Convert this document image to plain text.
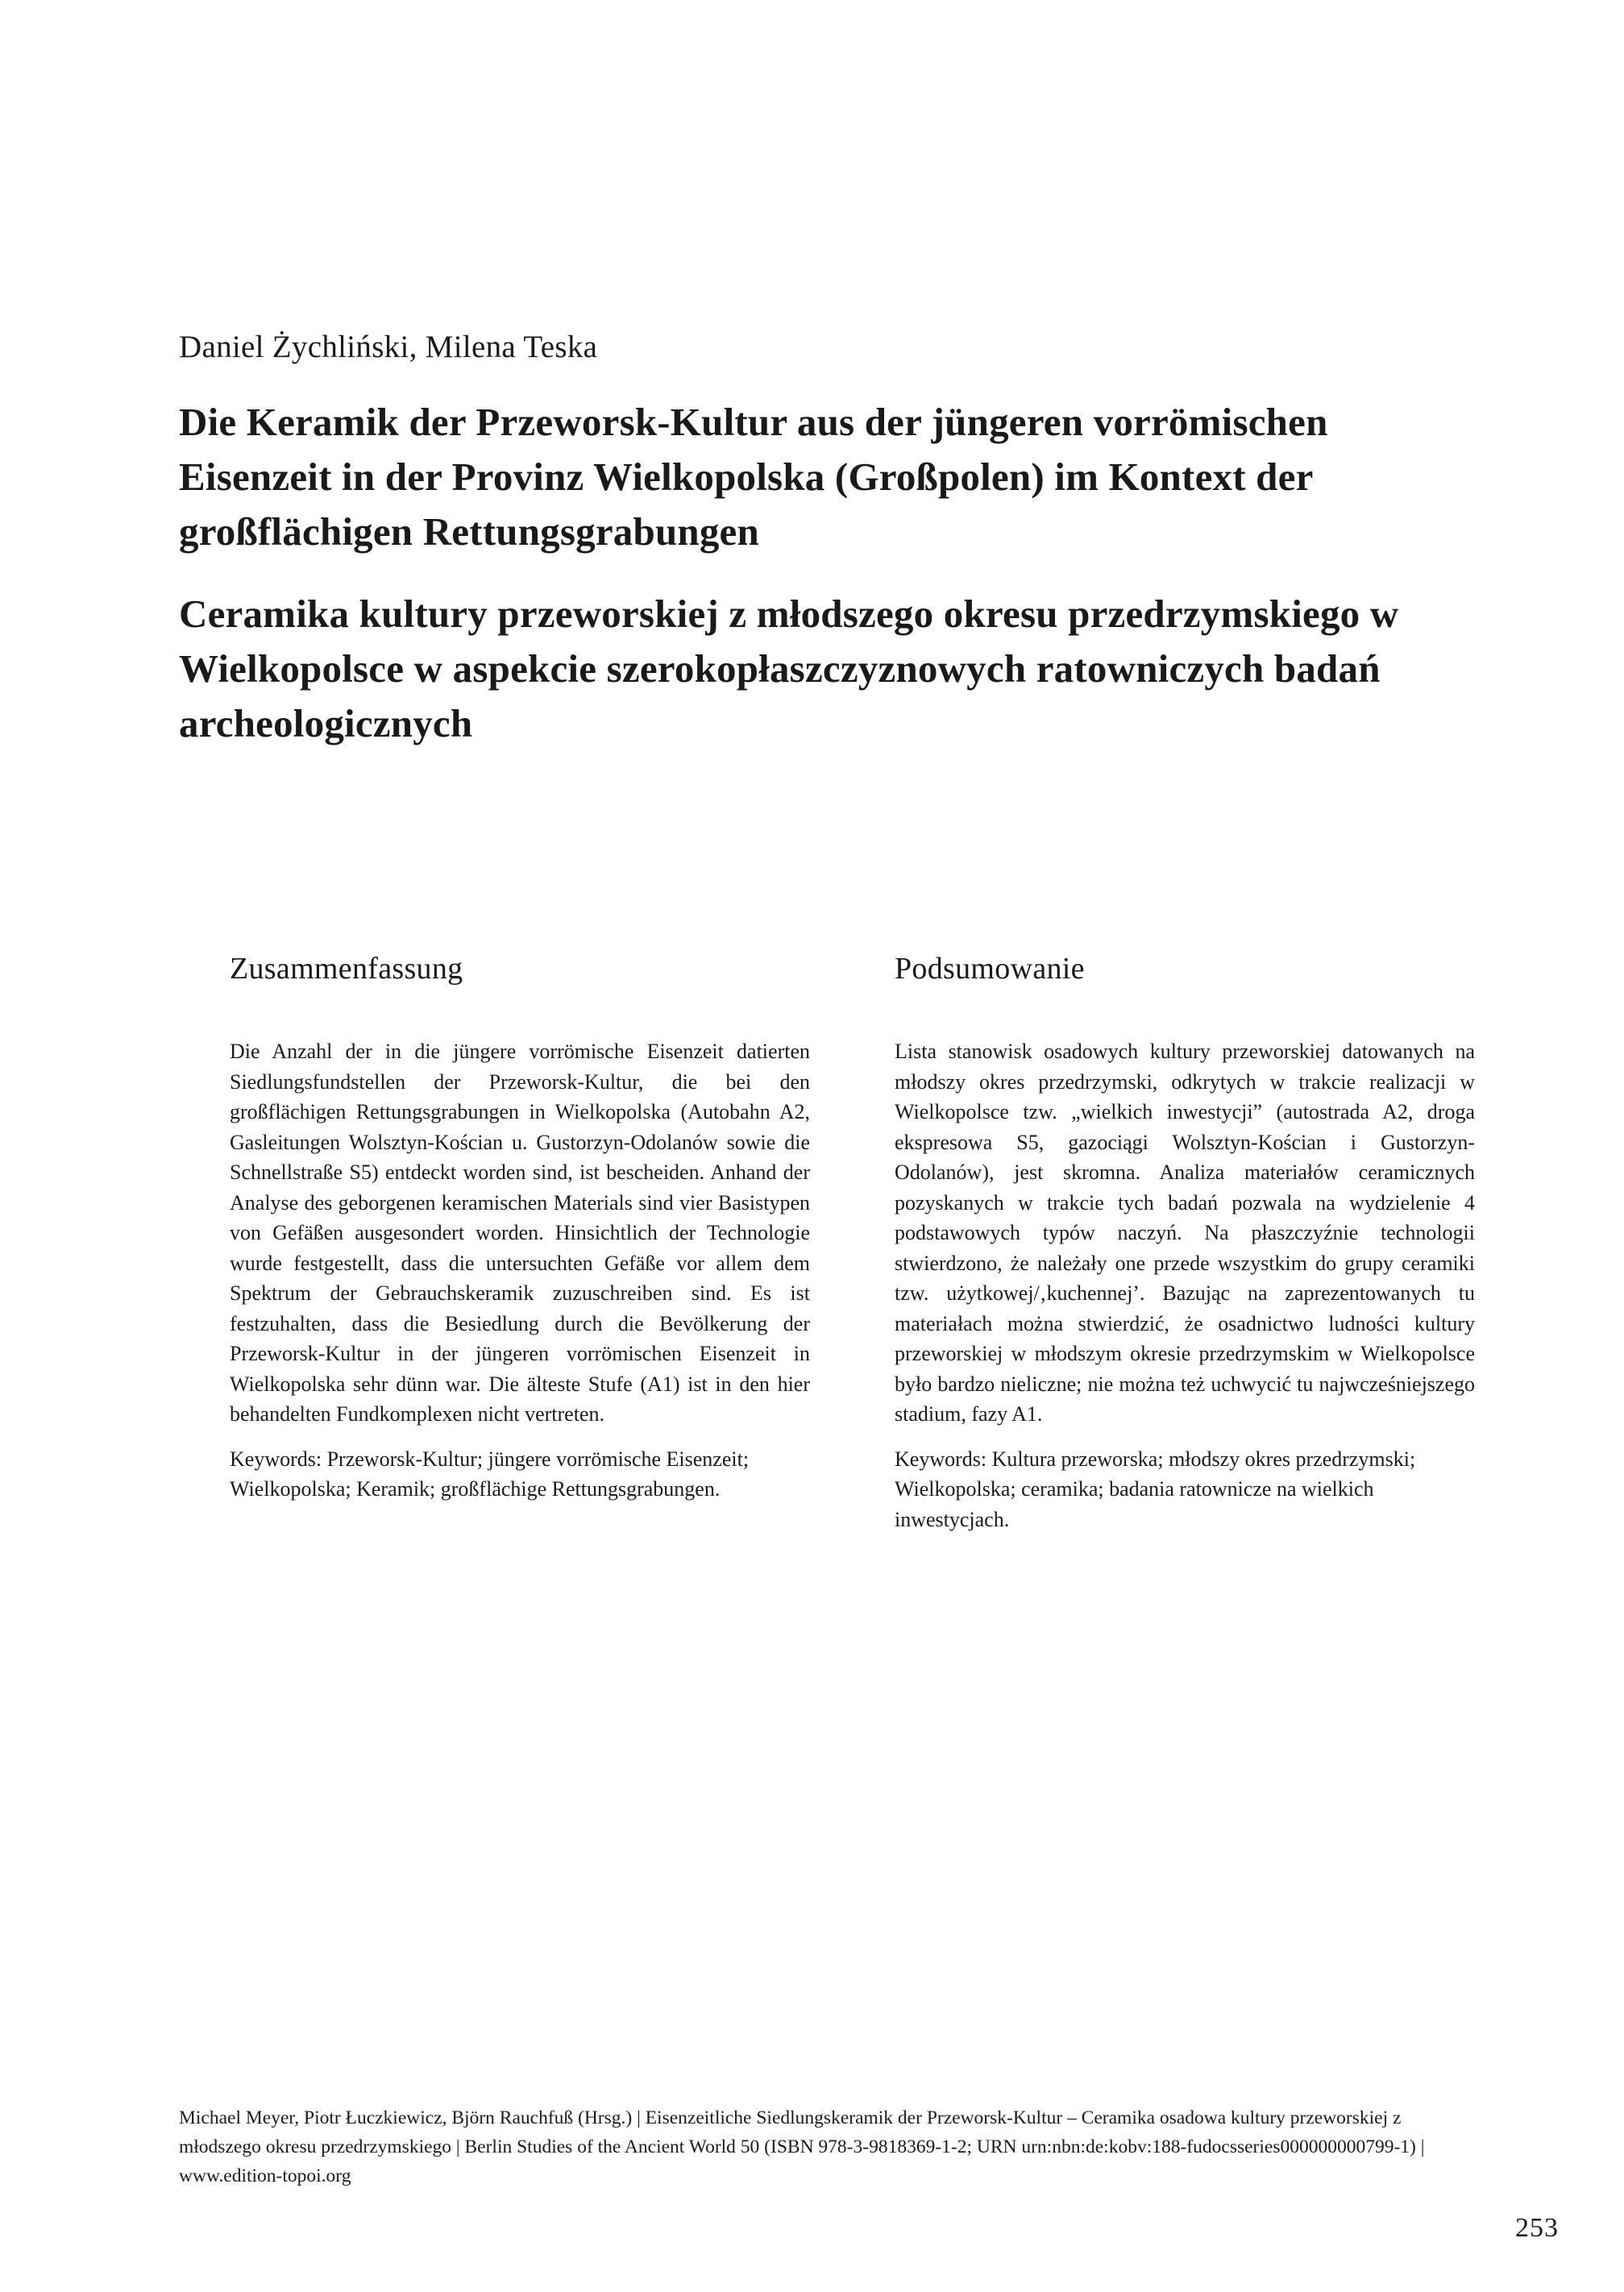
Daniel Żychliński, Milena Teska
Die Keramik der Przeworsk-Kultur aus der jüngeren vorrömischen Eisenzeit in der Provinz Wielkopolska (Großpolen) im Kontext der großflächigen Rettungsgrabungen
Ceramika kultury przeworskiej z młodszego okresu przedrzymskiego w Wielkopolsce w aspekcie szerokopłaszczyznowych ratowniczych badań archeologicznych
Zusammenfassung

Die Anzahl der in die jüngere vorrömische Eisenzeit datierten Siedlungsfundstellen der Przeworsk-Kultur, die bei den großflächigen Rettungsgrabungen in Wielkopolska (Autobahn A2, Gasleitungen Wolsztyn-Kościan u. Gustorzyn-Odolanów sowie die Schnellstraße S5) entdeckt worden sind, ist bescheiden. Anhand der Analyse des geborgenen keramischen Materials sind vier Basistypen von Gefäßen ausgesondert worden. Hinsichtlich der Technologie wurde festgestellt, dass die untersuchten Gefäße vor allem dem Spektrum der Gebrauchskeramik zuzuschreiben sind. Es ist festzuhalten, dass die Besiedlung durch die Bevölkerung der Przeworsk-Kultur in der jüngeren vorrömischen Eisenzeit in Wielkopolska sehr dünn war. Die älteste Stufe (A1) ist in den hier behandelten Fundkomplexen nicht vertreten.

Keywords: Przeworsk-Kultur; jüngere vorrömische Eisenzeit; Wielkopolska; Keramik; großflächige Rettungsgrabungen.

Podsumowanie

Lista stanowisk osadowych kultury przeworskiej datowanych na młodszy okres przedrzymski, odkrytych w trakcie realizacji w Wielkopolsce tzw. „wielkich inwestycji” (autostrada A2, droga ekspresowa S5, gazociągi Wolsztyn-Kościan i Gustorzyn-Odolanów), jest skromna. Analiza materiałów ceramicznych pozyskanych w trakcie tych badań pozwala na wydzielenie 4 podstawowych typów naczyń. Na płaszczyźnie technologii stwierdzono, że należały one przede wszystkim do grupy ceramiki tzw. użytkowej/‚kuchennej’. Bazując na zaprezentowanych tu materiałach można stwierdzić, że osadnictwo ludności kultury przeworskiej w młodszym okresie przedrzymskim w Wielkopolsce było bardzo nieliczne; nie można też uchwycić tu najwcześniejszego stadium, fazy A1.

Keywords: Kultura przeworska; młodszy okres przedrzymski; Wielkopolska; ceramika; badania ratownicze na wielkich inwestycjach.

Michael Meyer, Piotr Łuczkiewicz, Björn Rauchfuß (Hrsg.) | Eisenzeitliche Siedlungskeramik der Przeworsk-Kultur – Ceramika osadowa kultury przeworskiej z młodszego okresu przedrzymskiego | Berlin Studies of the Ancient World 50 (ISBN 978-3-9818369-1-2; URN urn:nbn:de:kobv:188-fudocsseries000000000799-1) | www.edition-topoi.org
253
